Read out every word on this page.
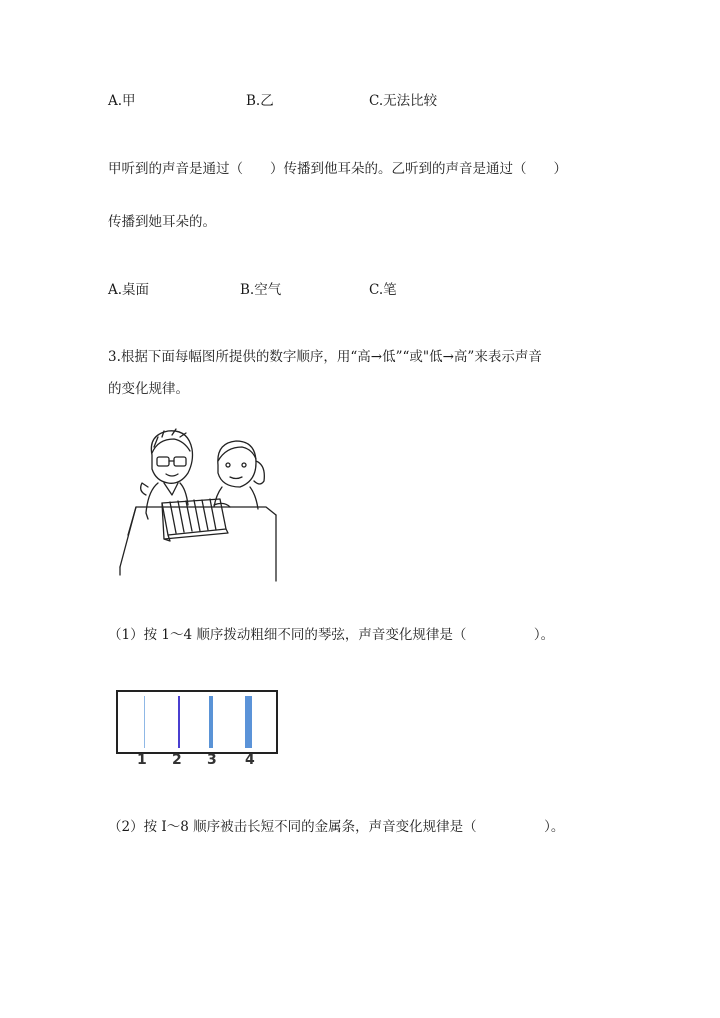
A.甲	B.乙	C.无法比较
甲听到的声音是通过（　　）传播到他耳朵的。乙听到的声音是通过（　　）
传播到她耳朵的。
A.桌面	B.空气	C.笔
3.根据下面每幅图所提供的数字顺序，用“高→低”“或"低→高”来表示声音
的变化规律。
（1）按 1～4 顺序拨动粗细不同的琴弦，声音变化规律是（　　　　　）。
1 2 3 4
（2）按 I～8 顺序被击长短不同的金属条，声音变化规律是（　　　　　）。
